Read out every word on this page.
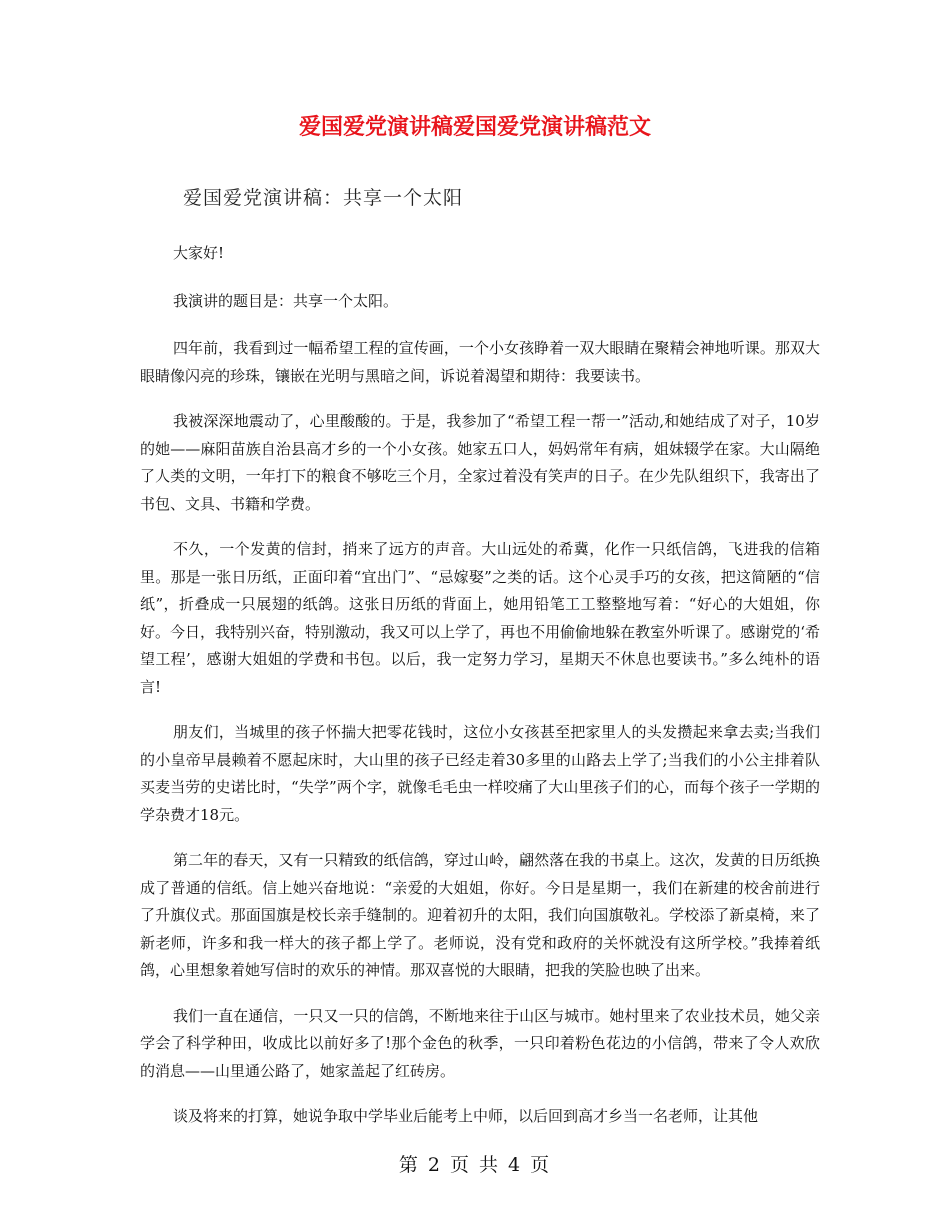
爱国爱党演讲稿爱国爱党演讲稿范文
爱国爱党演讲稿：共享一个太阳

大家好!

我演讲的题目是：共享一个太阳。

四年前，我看到过一幅希望工程的宣传画，一个小女孩睁着一双大眼睛在聚精会神地听课。那双大眼睛像闪亮的珍珠，镶嵌在光明与黑暗之间，诉说着渴望和期待：我要读书。

我被深深地震动了，心里酸酸的。于是，我参加了“希望工程一帮一”活动,和她结成了对子，10岁的她——麻阳苗族自治县高才乡的一个小女孩。她家五口人，妈妈常年有病，姐妹辍学在家。大山隔绝了人类的文明，一年打下的粮食不够吃三个月，全家过着没有笑声的日子。在少先队组织下，我寄出了书包、文具、书籍和学费。

不久，一个发黄的信封，捎来了远方的声音。大山远处的希冀，化作一只纸信鸽，飞进我的信箱里。那是一张日历纸，正面印着“宜出门”、“忌嫁娶”之类的话。这个心灵手巧的女孩，把这简陋的“信纸”，折叠成一只展翅的纸鸽。这张日历纸的背面上，她用铅笔工工整整地写着：“好心的大姐姐，你好。今日，我特别兴奋，特别激动，我又可以上学了，再也不用偷偷地躲在教室外听课了。感谢党的‘希望工程’，感谢大姐姐的学费和书包。以后，我一定努力学习，星期天不休息也要读书。”多么纯朴的语言!

朋友们，当城里的孩子怀揣大把零花钱时，这位小女孩甚至把家里人的头发攒起来拿去卖;当我们的小皇帝早晨赖着不愿起床时，大山里的孩子已经走着30多里的山路去上学了;当我们的小公主排着队买麦当劳的史诺比时，“失学”两个字，就像毛毛虫一样咬痛了大山里孩子们的心，而每个孩子一学期的学杂费才18元。

第二年的春天，又有一只精致的纸信鸽，穿过山岭，翩然落在我的书桌上。这次，发黄的日历纸换成了普通的信纸。信上她兴奋地说：“亲爱的大姐姐，你好。今日是星期一，我们在新建的校舍前进行了升旗仪式。那面国旗是校长亲手缝制的。迎着初升的太阳，我们向国旗敬礼。学校添了新桌椅，来了新老师，许多和我一样大的孩子都上学了。老师说，没有党和政府的关怀就没有这所学校。”我捧着纸鸽，心里想象着她写信时的欢乐的神情。那双喜悦的大眼睛，把我的笑脸也映了出来。

我们一直在通信，一只又一只的信鸽，不断地来往于山区与城市。她村里来了农业技术员，她父亲学会了科学种田，收成比以前好多了!那个金色的秋季，一只印着粉色花边的小信鸽，带来了令人欢欣的消息——山里通公路了，她家盖起了红砖房。

谈及将来的打算，她说争取中学毕业后能考上中师，以后回到高才乡当一名老师，让其他

第 2 页 共 4 页
